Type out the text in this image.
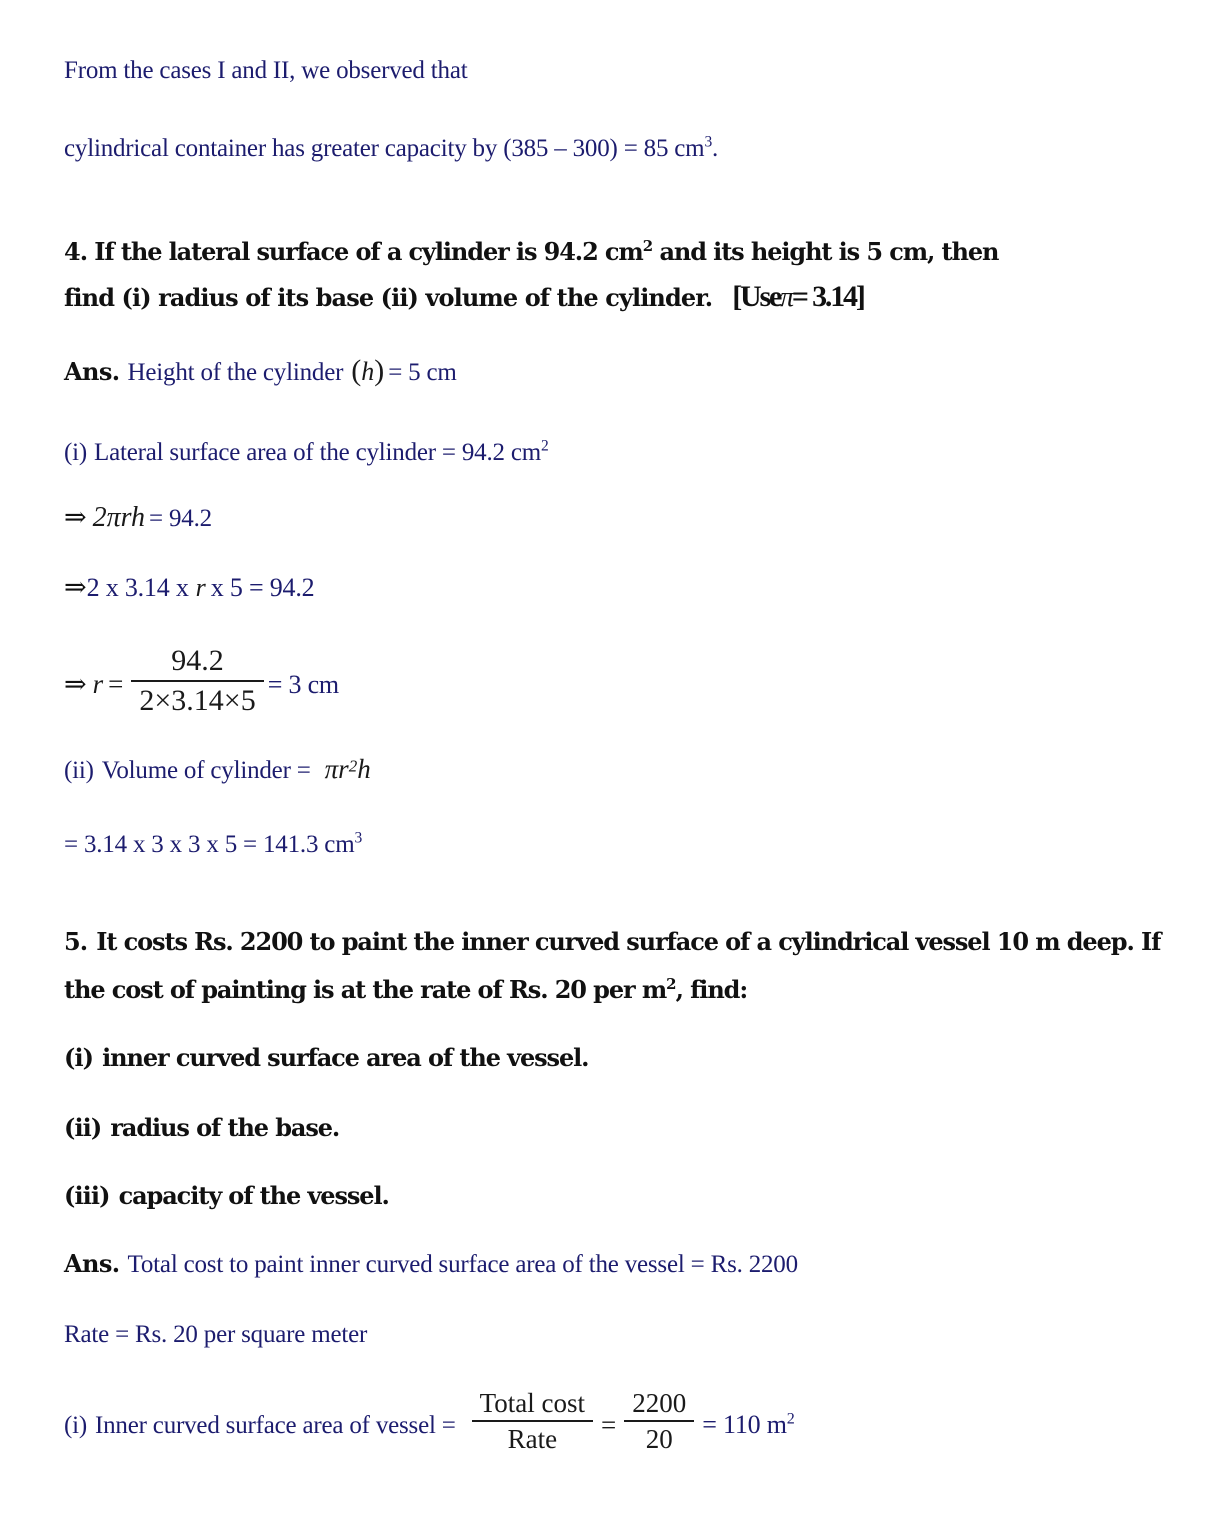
From the cases I and II, we observed that
cylindrical container has greater capacity by (385 – 300) = 85 $cm^3$.
4. If the lateral surface of a cylinder is 94.2 $cm^2$ and its height is 5 cm, then
find (i) radius of its base (ii) volume of the cylinder. [Useπ= 3.14]
Ans. Height of the cylinder (h) = 5 cm
(i) Lateral surface area of the cylinder = 94.2 $cm^2$
⇒ 2πrh = 94.2
⇒2 x 3.14 x r x 5 = 94.2
⇒ $r = \frac{94.2}{2\times 3.14\times 5} = 3$ cm
(ii) Volume of cylinder = $\pi r^2h$
= 3.14 x 3 x 3 x 5 = 141.3 $cm^3$
5. It costs Rs. 2200 to paint the inner curved surface of a cylindrical vessel 10 m deep. If
the cost of painting is at the rate of Rs. 20 per $m^2$, find:
(i) inner curved surface area of the vessel.
(ii) radius of the base.
(iii) capacity of the vessel.
Ans. Total cost to paint inner curved surface area of the vessel = Rs. 2200
Rate = Rs. 20 per square meter
(i) Inner curved surface area of vessel = $\frac{\text{Total cost}}{\text{Rate}} = \frac{2200}{20} = 110$ $m^2$
